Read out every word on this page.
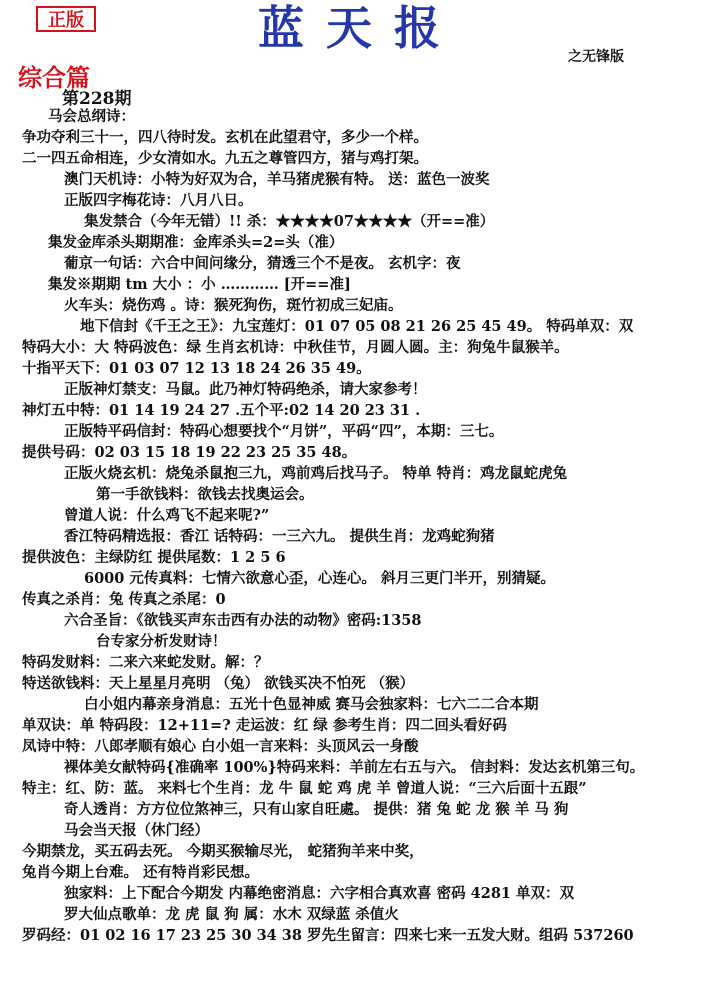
正版	蓝天报
之无锋版
综合篇
第228期
马会总纲诗：
争功夺利三十一，四八待时发。玄机在此望君守，多少一个样。
二一四五命相连，少女清如水。九五之尊管四方，猪与鸡打架。
澳门天机诗：小特为好双为合，羊马猪虎猴有特。 送：蓝色一波奖
正版四字梅花诗：八月八日。
集发禁合（今年无错）!! 杀：★★★★07★★★★（开==准）
集发金库杀头期期准：金库杀头=2=头（准）
葡京一句话：六合中间问缘分，猜透三个不是夜。 玄机字：夜
集发※期期 tm 大小 ：小 ………… [开==准]
火车头：烧伤鸡 。诗：猴死狗伤，斑竹初成三妃庙。
地下信封《千王之王》：九宝莲灯：01 07 05 08 21 26 25 45 49。 特码单双：双
特码大小：大 特码波色：绿 生肖玄机诗：中秋佳节，月圆人圆。主：狗兔牛鼠猴羊。
十指平天下：01 03 07 12 13 18 24 26 35 49。
正版神灯禁支：马鼠。此乃神灯特码绝杀，请大家参考！
神灯五中特：01 14 19 24 27 .五个平:02 14 20 23 31 .
正版特平码信封：特码心想要找个“月饼”，平码“四”，本期：三七。
提供号码：02 03 15 18 19 22 23 25 35 48。
正版火烧玄机：烧兔杀鼠抱三九，鸡前鸡后找马子。 特单 特肖：鸡龙鼠蛇虎兔
第一手欲钱料：欲钱去找奥运会。
曾道人说：什么鸡飞不起来呢?”
香江特码精选报：香江 话特码：一三六九。 提供生肖：龙鸡蛇狗猪
提供波色：主绿防红 提供尾数：1 2 5 6
6000 元传真料：七情六欲意心歪，心连心。 斜月三更门半开，别猜疑。
传真之杀肖：兔 传真之杀尾：0
六合圣旨：《欲钱买声东击西有办法的动物》密码:1358
台专家分析发财诗！
特码发财料：二来六来蛇发财。解：？
特送欲钱料：天上星星月亮明 （兔） 欲钱买决不怕死 （猴）
白小姐内幕亲身消息：五光十色显神威 赛马会独家料：七六二二合本期
单双诀：单 特码段：12+11=? 走运波：红 绿 参考生肖：四二回头看好码
凤诗中特：八郎孝顺有娘心 白小姐一言来料：头顶风云一身酸
裸体美女献特码{准确率 100%}特码来料：羊前左右五与六。 信封料：发达玄机第三句。
特主：红、防：蓝。 来料七个生肖：龙 牛 鼠 蛇 鸡 虎 羊 曾道人说：“三六后面十五跟”
奇人透肖：方方位位煞神三，只有山家自旺處。 提供：猪 兔 蛇 龙 猴 羊 马 狗
马会当天报（休门经）
今期禁龙，买五码去死。 今期买猴输尽光， 蛇猪狗羊来中奖，
兔肖今期上台难。 还有特肖彩民想。
独家料：上下配合今期发 内幕绝密消息：六字相合真欢喜 密码 4281 单双：双
罗大仙点歌单：龙 虎 鼠 狗 属：水木 双绿蓝 杀值火
罗码经：01 02 16 17 23 25 30 34 38 罗先生留言：四来七来一五发大财。组码 537260
